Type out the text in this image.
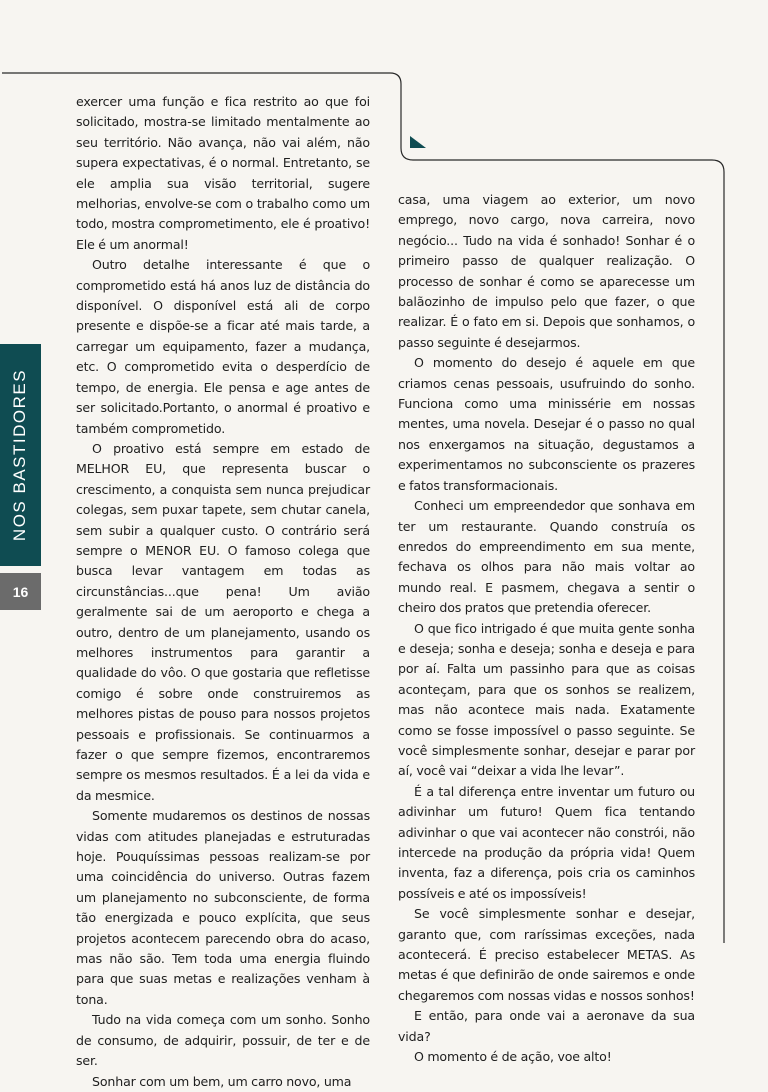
NOS BASTIDORES
16

exercer uma função e fica restrito ao que foi solicitado, mostra-se limitado mentalmente ao seu território. Não avança, não vai além, não supera expectativas, é o normal. Entretanto, se ele amplia sua visão territorial, sugere melhorias, envolve-se com o trabalho como um todo, mostra comprometimento, ele é proativo! Ele é um anormal!

Outro detalhe interessante é que o comprometido está há anos luz de distância do disponível. O disponível está ali de corpo presente e dispõe-se a ficar até mais tarde, a carregar um equipamento, fazer a mudança, etc. O comprometido evita o desperdício de tempo, de energia. Ele pensa e age antes de ser solicitado.Portanto, o anormal é proativo e também comprometido.

O proativo está sempre em estado de MELHOR EU, que representa buscar o crescimento, a conquista sem nunca prejudicar colegas, sem puxar tapete, sem chutar canela, sem subir a qualquer custo. O contrário será sempre o MENOR EU. O famoso colega que busca levar vantagem em todas as circunstâncias...que pena! Um avião geralmente sai de um aeroporto e chega a outro, dentro de um planejamento, usando os melhores instrumentos para garantir a qualidade do vôo. O que gostaria que refletisse comigo é sobre onde construiremos as melhores pistas de pouso para nossos projetos pessoais e profissionais. Se continuarmos a fazer o que sempre fizemos, encontraremos sempre os mesmos resultados. É a lei da vida e da mesmice.

Somente mudaremos os destinos de nossas vidas com atitudes planejadas e estruturadas hoje. Pouquíssimas pessoas realizam-se por uma coincidência do universo. Outras fazem um planejamento no subconsciente, de forma tão energizada e pouco explícita, que seus projetos acontecem parecendo obra do acaso, mas não são. Tem toda uma energia fluindo para que suas metas e realizações venham à tona.

Tudo na vida começa com um sonho. Sonho de consumo, de adquirir, possuir, de ter e de ser.

Sonhar com um bem, um carro novo, uma

casa, uma viagem ao exterior, um novo emprego, novo cargo, nova carreira, novo negócio... Tudo na vida é sonhado! Sonhar é o primeiro passo de qualquer realização. O processo de sonhar é como se aparecesse um balãozinho de impulso pelo que fazer, o que realizar. É o fato em si. Depois que sonhamos, o passo seguinte é desejarmos.

O momento do desejo é aquele em que criamos cenas pessoais, usufruindo do sonho. Funciona como uma minissérie em nossas mentes, uma novela. Desejar é o passo no qual nos enxergamos na situação, degustamos a experimentamos no subconsciente os prazeres e fatos transformacionais.

Conheci um empreendedor que sonhava em ter um restaurante. Quando construía os enredos do empreendimento em sua mente, fechava os olhos para não mais voltar ao mundo real. E pasmem, chegava a sentir o cheiro dos pratos que pretendia oferecer.

O que fico intrigado é que muita gente sonha e deseja; sonha e deseja; sonha e deseja e para por aí. Falta um passinho para que as coisas aconteçam, para que os sonhos se realizem, mas não acontece mais nada. Exatamente como se fosse impossível o passo seguinte. Se você simplesmente sonhar, desejar e parar por aí, você vai “deixar a vida lhe levar”.

É a tal diferença entre inventar um futuro ou adivinhar um futuro! Quem fica tentando adivinhar o que vai acontecer não constrói, não intercede na produção da própria vida! Quem inventa, faz a diferença, pois cria os caminhos possíveis e até os impossíveis!

Se você simplesmente sonhar e desejar, garanto que, com raríssimas exceções, nada acontecerá. É preciso estabelecer METAS. As metas é que definirão de onde sairemos e onde chegaremos com nossas vidas e nossos sonhos!

E então, para onde vai a aeronave da sua vida?

O momento é de ação, voe alto!
